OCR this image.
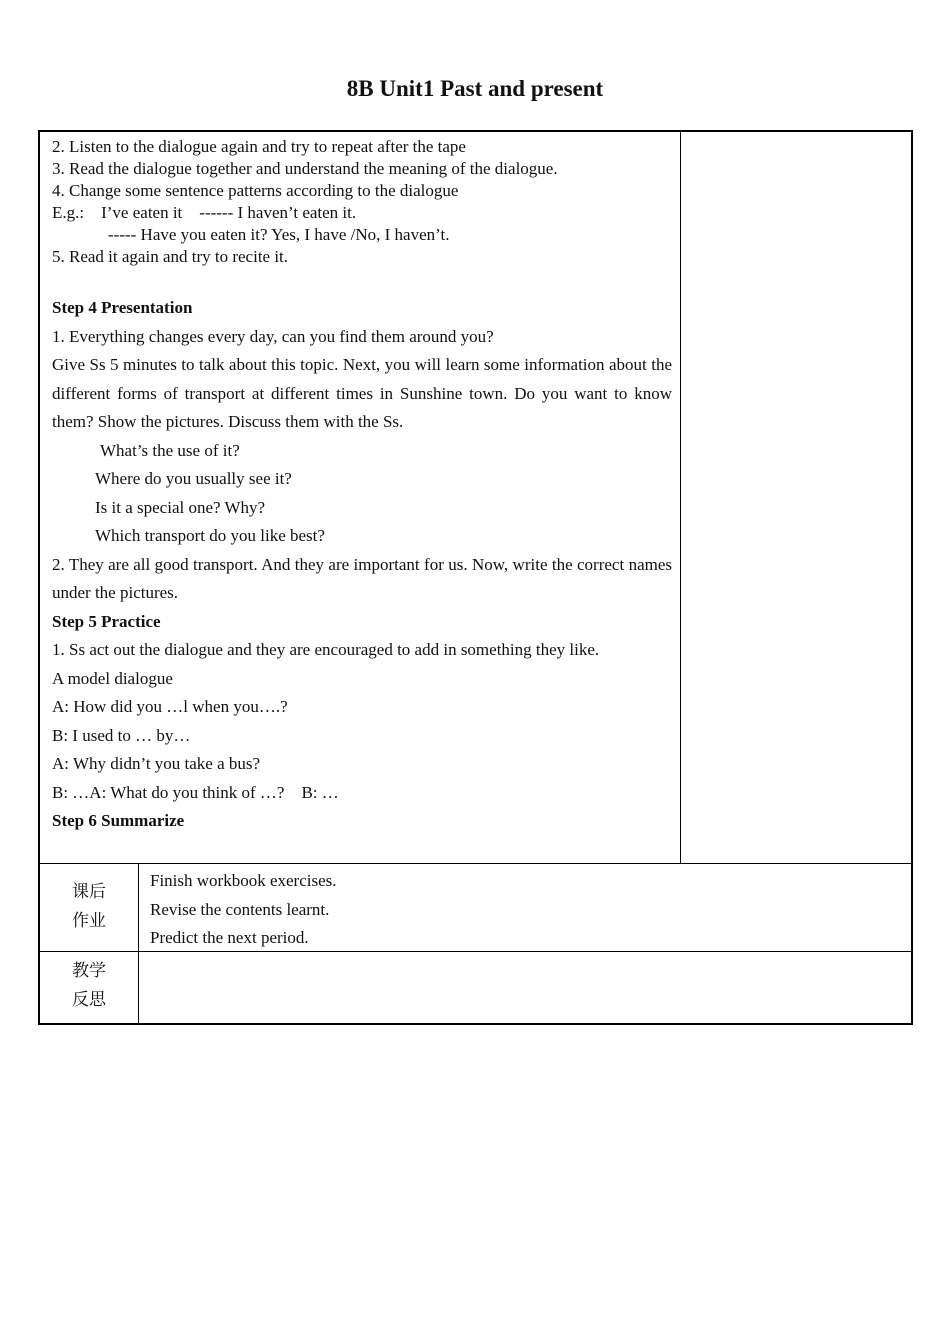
8B Unit1 Past and present
2. Listen to the dialogue again and try to repeat after the tape
3. Read the dialogue together and understand the meaning of the dialogue.
4. Change some sentence patterns according to the dialogue
E.g.:    I’ve eaten it    ------ I haven’t eaten it.
----- Have you eaten it? Yes, I have /No, I haven’t.
5. Read it again and try to recite it.
Step 4 Presentation
1. Everything changes every day, can you find them around you?
Give Ss 5 minutes to talk about this topic. Next, you will learn some information about the different forms of transport at different times in Sunshine town. Do you want to know them? Show the pictures. Discuss them with the Ss.
What’s the use of it?
Where do you usually see it?
Is it a special one? Why?
Which transport do you like best?
2. They are all good transport. And they are important for us. Now, write the correct names under the pictures.
Step 5 Practice
1. Ss act out the dialogue and they are encouraged to add in something they like.
A model dialogue
A: How did you …l when you….?
B: I used to … by…
A: Why didn’t you take a bus?
B: …A: What do you think of …?    B: …
Step 6 Summarize
课后
作业
Finish workbook exercises.
Revise the contents learnt.
Predict the next period.
教学
反思
